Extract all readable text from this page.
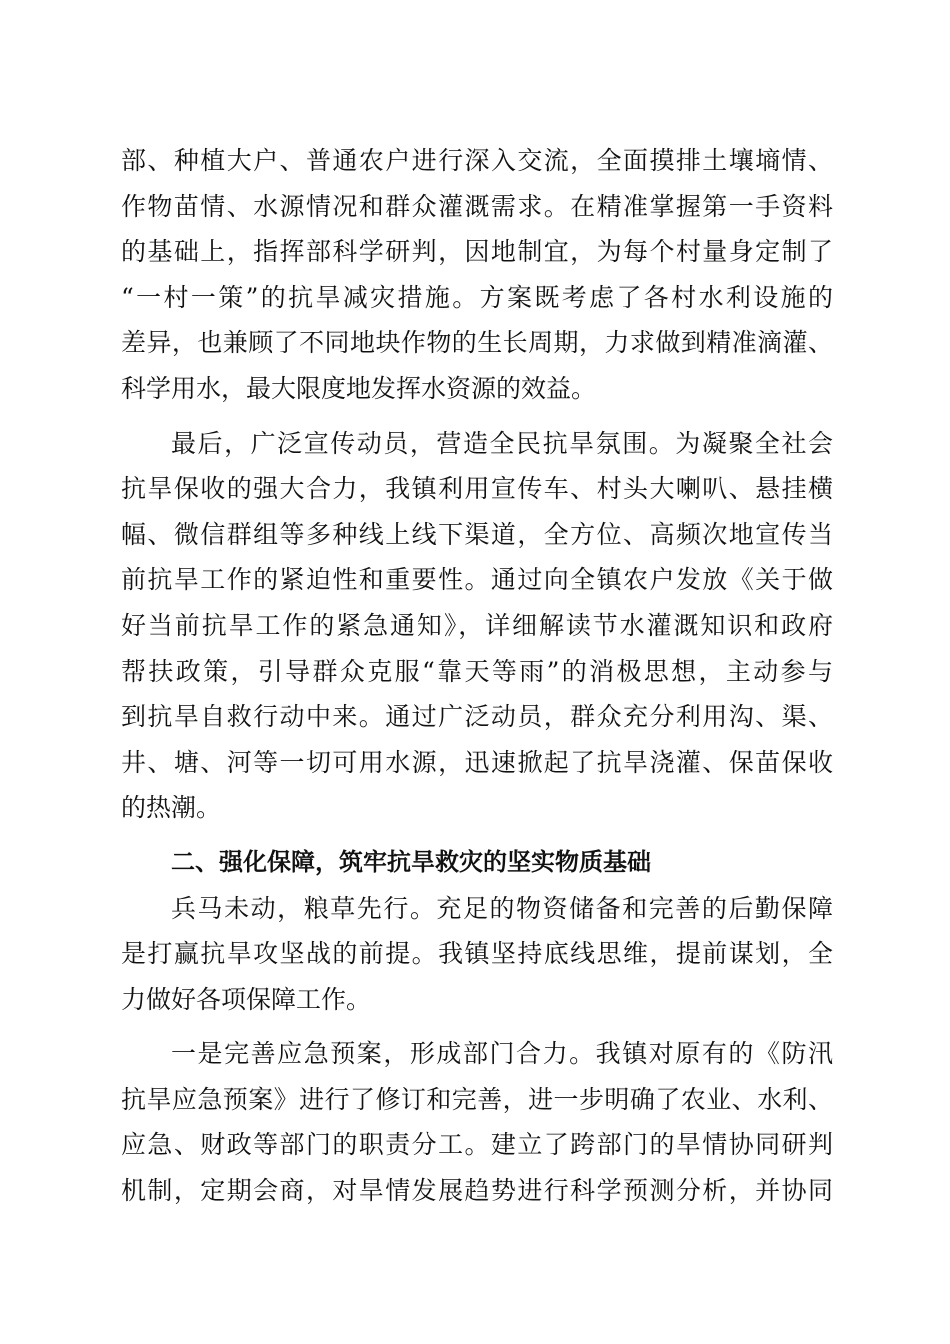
部、种植大户、普通农户进行深入交流，全面摸排土壤墒情、
作物苗情、水源情况和群众灌溉需求。在精准掌握第一手资料
的基础上，指挥部科学研判，因地制宜，为每个村量身定制了
“一村一策”的抗旱减灾措施。方案既考虑了各村水利设施的
差异，也兼顾了不同地块作物的生长周期，力求做到精准滴灌、
科学用水，最大限度地发挥水资源的效益。
最后，广泛宣传动员，营造全民抗旱氛围。为凝聚全社会
抗旱保收的强大合力，我镇利用宣传车、村头大喇叭、悬挂横
幅、微信群组等多种线上线下渠道，全方位、高频次地宣传当
前抗旱工作的紧迫性和重要性。通过向全镇农户发放《关于做
好当前抗旱工作的紧急通知》，详细解读节水灌溉知识和政府
帮扶政策，引导群众克服“靠天等雨”的消极思想，主动参与
到抗旱自救行动中来。通过广泛动员，群众充分利用沟、渠、
井、塘、河等一切可用水源，迅速掀起了抗旱浇灌、保苗保收
的热潮。
二、强化保障，筑牢抗旱救灾的坚实物质基础
兵马未动，粮草先行。充足的物资储备和完善的后勤保障
是打赢抗旱攻坚战的前提。我镇坚持底线思维，提前谋划，全
力做好各项保障工作。
一是完善应急预案，形成部门合力。我镇对原有的《防汛
抗旱应急预案》进行了修订和完善，进一步明确了农业、水利、
应急、财政等部门的职责分工。建立了跨部门的旱情协同研判
机制，定期会商，对旱情发展趋势进行科学预测分析，并协同
